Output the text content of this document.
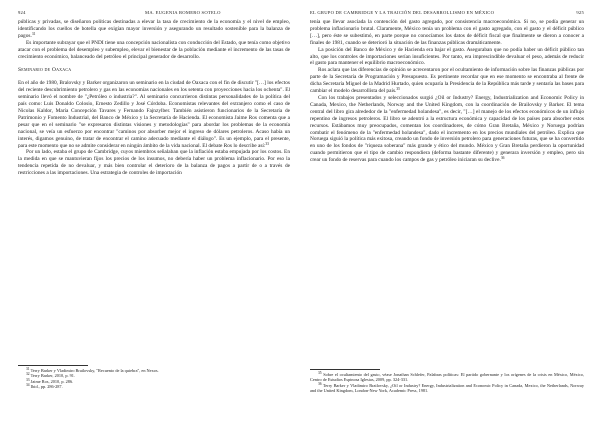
924	MA. EUGENIA ROMERO SOTELO

públicas y privadas, se diseñaron políticas destinadas a elevar la tasa de crecimiento de la economía y el nivel de empleo, identificando los cuellos de botella que exigían mayor inversión y asegurando un resultado sostenible para la balanza de pagos.$^{31}$

Es importante subrayar que el PNDI tiene una concepción nacionalista con conducción del Estado, que tenía como objetivo atacar con el problema del desempleo y subempleo, elevar el bienestar de la población mediante el incremento de las tasas de crecimiento económico, balanceado del petróleo el principal generador de desarrollo.

Seminario de Oaxaca

En el año de 1980, Bralovsky y Barker organizaron un seminario en la ciudad de Oaxaca con el fin de discutir "[…] los efectos del reciente descubrimiento petrolero y gas en las economías nacionales en los setenta con proyecciones hacia los ochenta". El seminario llevó el nombre de "¿Petróleo o industria?". Al seminario concurrieron distintas personalidades de la política del país como: Luis Donaldo Colosio, Ernesto Zedillo y José Córdoba. Economistas relevantes del extranjero como el caso de Nicolas Kaldor, María Concepción Tavares y Fernando Fajnzylber. También asistieron funcionarios de la Secretaría de Patrimonio y Fomento Industrial, del Banco de México y la Secretaría de Hacienda. El economista Jaime Ros comenta que a pesar que en el seminario "se expresaron distintas visiones y metodologías" para abordar los problemas de la economía nacional, se veía un esfuerzo por encontrar "caminos por absorber mejor el ingreso de dólares petroleros. Acaso había un interés, digamos genuino, de tratar de encontrar el camino adecuado mediante el diálogo". Es un ejemplo, para el presente, para este momento que no se admite considerar en ningún ámbito de la vida nacional. El debate Ros lo describe así:$^{33}$

Por un lado, estaba el grupo de Cambridge, cuyos miembros señalaban que la inflación estaba empujada por los costos. En la medida en que se mantuvieran fijos los precios de los insumos, no debería haber un problema inflacionario. Por eso la tendencia repetida de no devaluar, y más bien controlar el deterioro de la balanza de pagos a partir de o a través de restricciones a las importaciones. Una estrategia de controles de importación

$^{31}$ Terry Barker y Vladimiro Brailovsky, "Recuento de la quiebra", en Nexos.

$^{32}$ Terry Barker, 2010, p. 91.

$^{33}$ Jaime Ros, 2010, p. 286.

$^{34}$ Ibid., pp. 286-287.

EL GRUPO DE CAMBRIDGE Y LA TRAICIÓN DEL DESARROLLISMO EN MÉXICO	925

tenía que llevar asociada la contención del gasto agregado, por consistencia macroeconómica. Si no, se podía generar un problema inflacionario brutal. Claramente, México tenía un problema con el gasto agregado, con el gasto y el déficit público […], pero éste se subestimó, en parte porque no conocíamos los datos de déficit fiscal que finalmente se dieron a conocer a finales de 1981, cuando se deterioró la situación de las finanzas públicas dramáticamente.

La posición del Banco de México y de Hacienda era bajar el gasto. Aseguraban que no podía haber un déficit público tan alto, que los controles de importaciones serían insuficientes. Por tanto, era imprescindible devaluar el peso, además de reducir el gasto para mantener el equilibrio macroeconómico.

Ros aclara que las diferencias de opinión se acrecentaron por el ocultamiento de información sobre las finanzas públicas por parte de la Secretaría de Programación y Presupuesto. Es pertinente recordar que en ese momento se encontraba al frente de dicha Secretaría Miguel de la Madrid Hurtado, quien ocuparía la Presidencia de la República más tarde y sentaría las bases para cambiar el modelo desarrollista del país.$^{35}$

Con los trabajos presentados y seleccionados surgió ¿Oil or Industry? Energy, Industrialization and Economic Policy in Canada, Mexico, the Netherlands, Norway and the United Kingdom, con la coordinación de Brailovsky y Barker. El tema central del libro gira alrededor de la "enfermedad holandesa", es decir, "[…] el manejo de los efectos económicos de un influjo repentino de ingresos petroleros. El libro se adentró a la estructura económica y capacidad de los países para absorber estos recursos. Estábamos muy preocupados, comentan los coordinadores, de cómo Gran Bretaña, México y Noruega podrían combatir el fenómeno de la "enfermedad holandesa", dado el incremento en los precios mundiales del petróleo. Explica que Noruega siguió la política más exitosa, creando un fondo de inversión petrolero para generaciones futuras, que se ha convertido en uno de los fondos de "riqueza soberana" más grande y ético del mundo. México y Gran Bretaña perdieron la oportunidad cuando permitieron que el tipo de cambio respondiera (deforma bastante diferente) y generara inversión y empleo, pero sin crear un fondo de reservas para cuando los campos de gas y petróleo iniciaran su declive.$^{36}$

$^{35}$ Sobre el ocultamiento del gasto, véase Jonathan Schlefer, Palabras políticas: El partido gobernante y los orígenes de la crisis en México, México, Centro de Estudios Espinosa Iglesias, 2009, pp. 324-331.

$^{36}$ Terry Barker y Vladimiro Brailovsky, ¿Oil or Industry? Energy, Industrialization and Economic Policy in Canada, Mexico, the Netherlands, Norway and the United Kingdom, London-New York, Academic Press, 1981.
